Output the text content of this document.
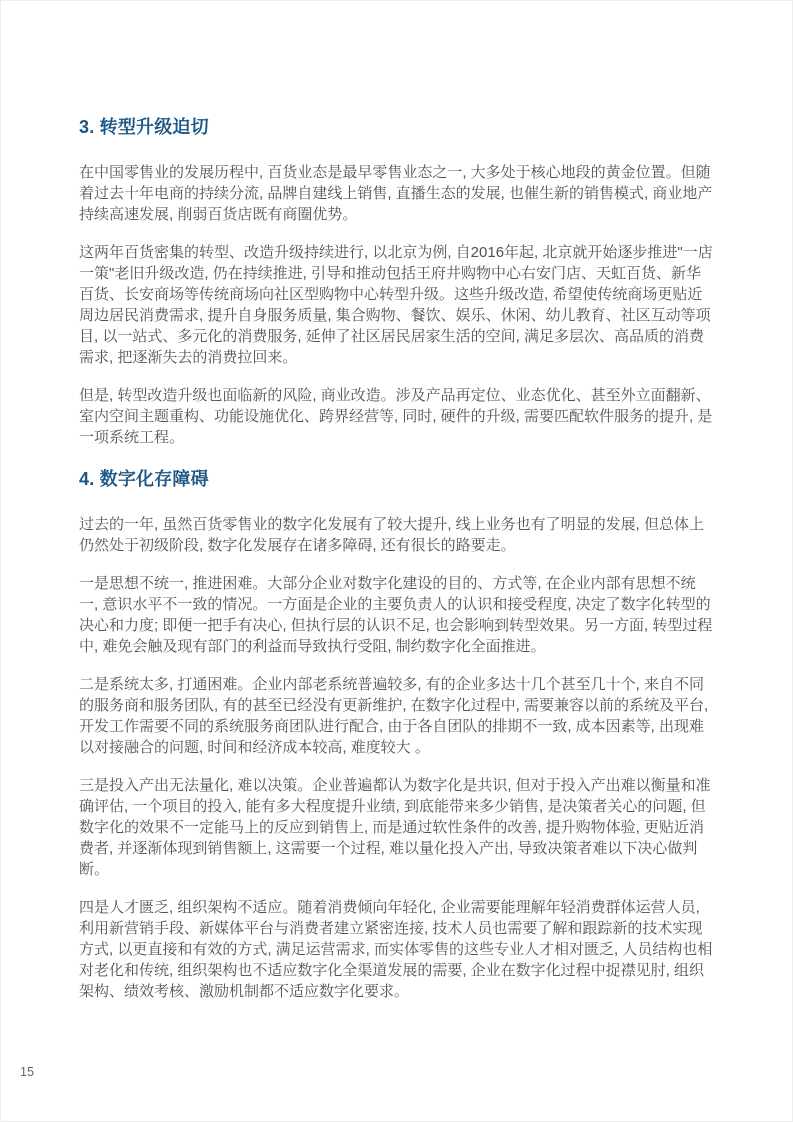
3. 转型升级迫切

在中国零售业的发展历程中, 百货业态是最早零售业态之一, 大多处于核心地段的黄金位置。但随着过去十年电商的持续分流, 品牌自建线上销售, 直播生态的发展, 也催生新的销售模式, 商业地产持续高速发展, 削弱百货店既有商圈优势。

这两年百货密集的转型、改造升级持续进行, 以北京为例, 自2016年起, 北京就开始逐步推进"一店一策"老旧升级改造, 仍在持续推进, 引导和推动包括王府井购物中心右安门店、天虹百货、新华百货、长安商场等传统商场向社区型购物中心转型升级。这些升级改造, 希望使传统商场更贴近周边居民消费需求, 提升自身服务质量, 集合购物、餐饮、娱乐、休闲、幼儿教育、社区互动等项目, 以一站式、多元化的消费服务, 延伸了社区居民居家生活的空间, 满足多层次、高品质的消费需求, 把逐渐失去的消费拉回来。

但是, 转型改造升级也面临新的风险, 商业改造。涉及产品再定位、业态优化、甚至外立面翻新、室内空间主题重构、功能设施优化、跨界经营等, 同时, 硬件的升级, 需要匹配软件服务的提升, 是一项系统工程。

4. 数字化存障碍

过去的一年, 虽然百货零售业的数字化发展有了较大提升, 线上业务也有了明显的发展, 但总体上仍然处于初级阶段, 数字化发展存在诸多障碍, 还有很长的路要走。

一是思想不统一, 推进困难。大部分企业对数字化建设的目的、方式等, 在企业内部有思想不统一, 意识水平不一致的情况。一方面是企业的主要负责人的认识和接受程度, 决定了数字化转型的决心和力度; 即便一把手有决心, 但执行层的认识不足, 也会影响到转型效果。另一方面, 转型过程中, 难免会触及现有部门的利益而导致执行受阻, 制约数字化全面推进。

二是系统太多, 打通困难。企业内部老系统普遍较多, 有的企业多达十几个甚至几十个, 来自不同的服务商和服务团队, 有的甚至已经没有更新维护, 在数字化过程中, 需要兼容以前的系统及平台, 开发工作需要不同的系统服务商团队进行配合, 由于各自团队的排期不一致, 成本因素等, 出现难以对接融合的问题, 时间和经济成本较高, 难度较大 。

三是投入产出无法量化, 难以决策。企业普遍都认为数字化是共识, 但对于投入产出难以衡量和准确评估, 一个项目的投入, 能有多大程度提升业绩, 到底能带来多少销售, 是决策者关心的问题, 但数字化的效果不一定能马上的反应到销售上, 而是通过软性条件的改善, 提升购物体验, 更贴近消费者, 并逐渐体现到销售额上, 这需要一个过程, 难以量化投入产出, 导致决策者难以下决心做判断。

四是人才匮乏, 组织架构不适应。随着消费倾向年轻化, 企业需要能理解年轻消费群体运营人员, 利用新营销手段、新媒体平台与消费者建立紧密连接, 技术人员也需要了解和跟踪新的技术实现方式, 以更直接和有效的方式, 满足运营需求, 而实体零售的这些专业人才相对匮乏, 人员结构也相对老化和传统, 组织架构也不适应数字化全渠道发展的需要, 企业在数字化过程中捉襟见肘, 组织架构、绩效考核、激励机制都不适应数字化要求。

15
